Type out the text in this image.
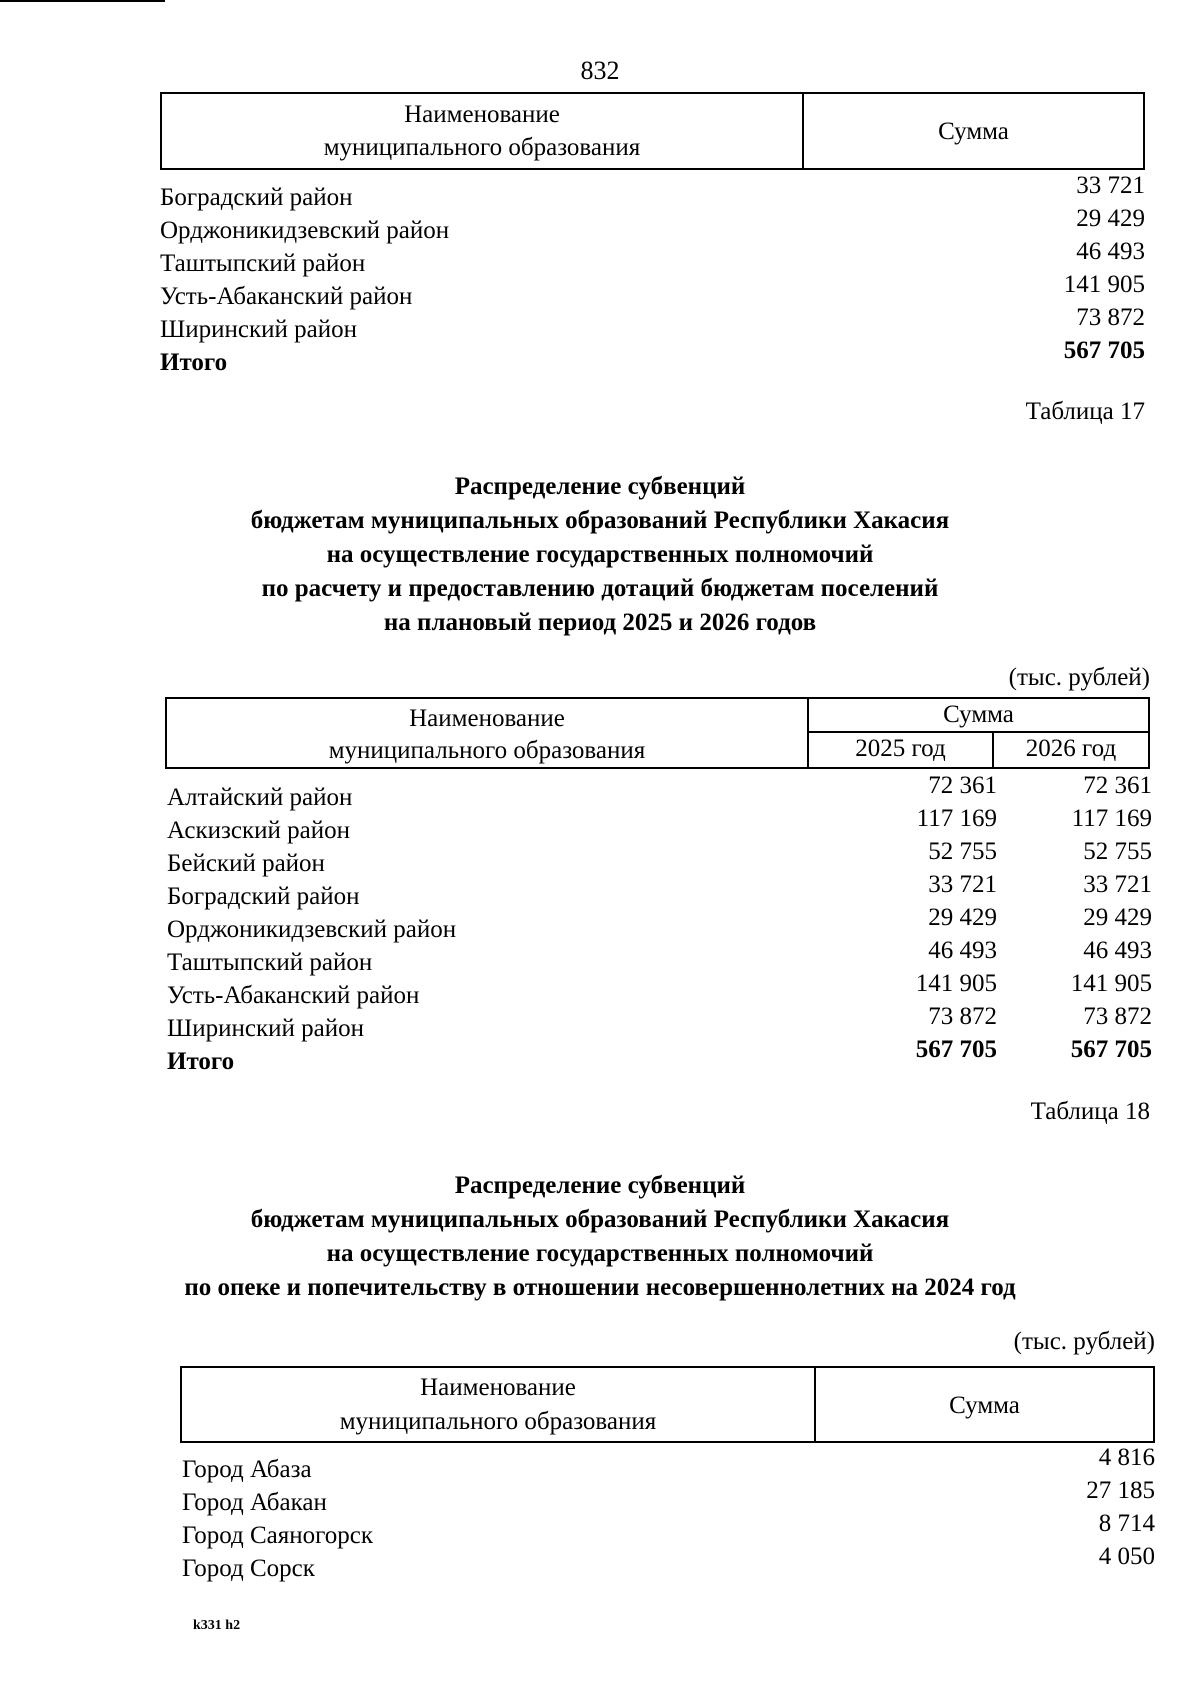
832
Наименование
муниципального образования
Сумма
Боградский район	33 721
Орджоникидзевский район	29 429
Таштыпский район	46 493
Усть-Абаканский район	141 905
Ширинский район	73 872
Итого	567 705
Таблица 17
Распределение субвенций
бюджетам муниципальных образований Республики Хакасия
на осуществление государственных полномочий
по расчету и предоставлению дотаций бюджетам поселений
на плановый период 2025 и 2026 годов
(тыс. рублей)
Наименование
муниципального образования
Сумма
2025 год	2026 год
Алтайский район	72 361	72 361
Аскизский район	117 169	117 169
Бейский район	52 755	52 755
Боградский район	33 721	33 721
Орджоникидзевский район	29 429	29 429
Таштыпский район	46 493	46 493
Усть-Абаканский район	141 905	141 905
Ширинский район	73 872	73 872
Итого	567 705	567 705
Таблица 18
Распределение субвенций
бюджетам муниципальных образований Республики Хакасия
на осуществление государственных полномочий
по опеке и попечительству в отношении несовершеннолетних на 2024 год
(тыс. рублей)
Наименование
муниципального образования
Сумма
Город Абаза	4 816
Город Абакан	27 185
Город Саяногорск	8 714
Город Сорск	4 050
k331 h2
